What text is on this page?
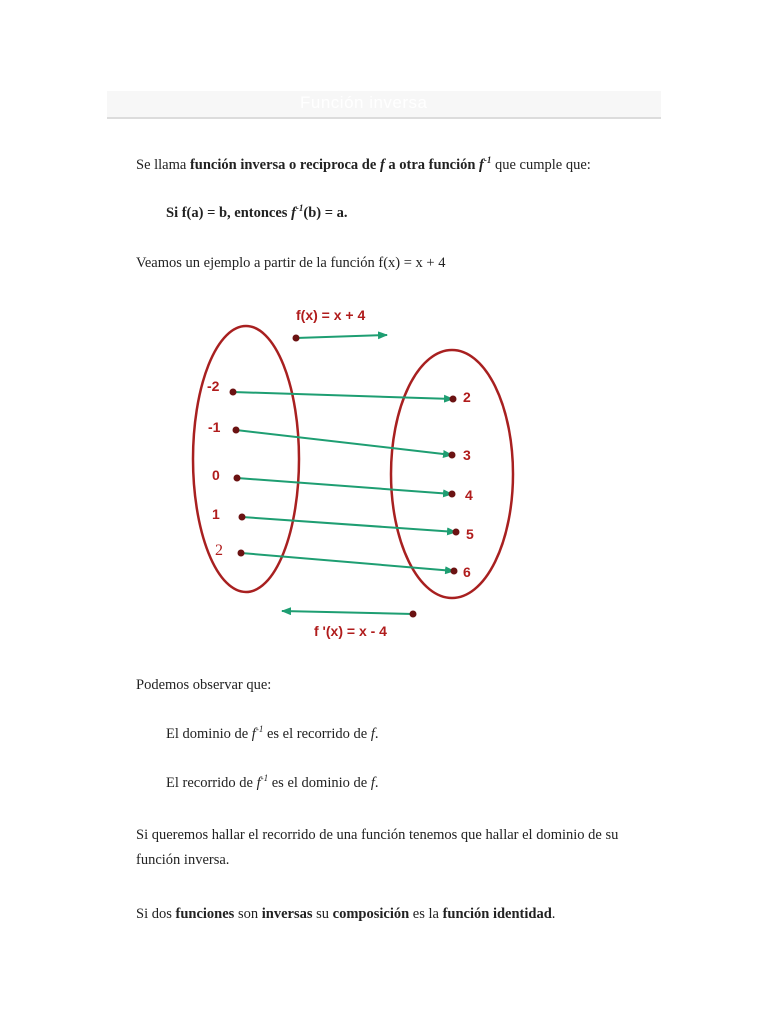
Función inversa
Se llama función inversa o reciproca de f a otra función $f^{-1}$ que cumple que:
Si f(a) = b, entonces $f^{-1}(b) = a$.
Veamos un ejemplo a partir de la función f(x) = x + 4
f(x) = x + 4
-2
-1
0
1
2
2
3
4
5
6
f '(x) = x - 4
Podemos observar que:
El dominio de $f^{-1}$ es el recorrido de f.
El recorrido de $f^{-1}$ es el dominio de f.
Si queremos hallar el recorrido de una función tenemos que hallar el dominio de su
función inversa.
Si dos funciones son inversas su composición es la función identidad.
